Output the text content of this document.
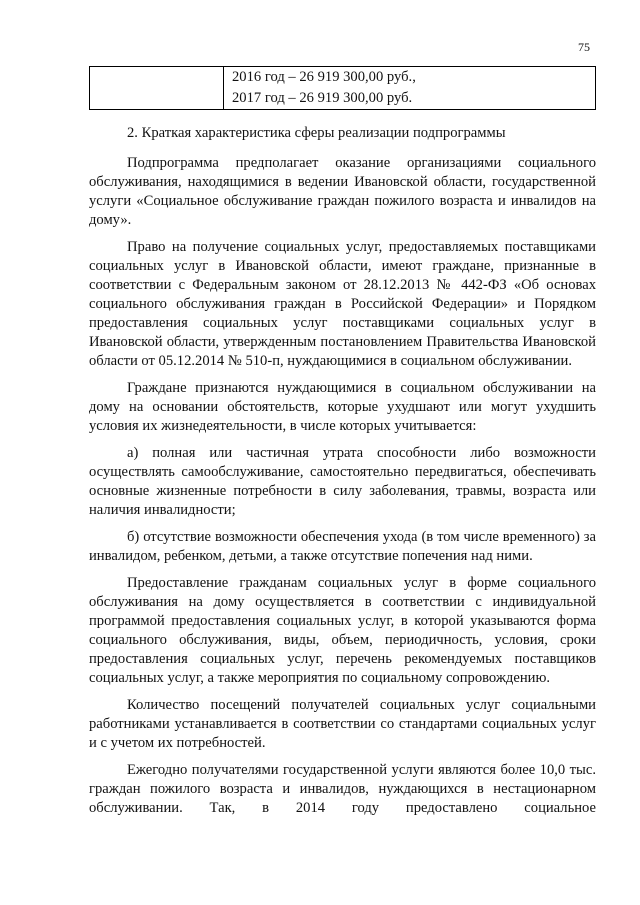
75

2016 год – 26 919 300,00 руб.,
2017 год – 26 919 300,00 руб.

2. Краткая характеристика сферы реализации подпрограммы

Подпрограмма предполагает оказание организациями социального обслуживания, находящимися в ведении Ивановской области, государственной услуги «Социальное обслуживание граждан пожилого возраста и инвалидов на дому».

Право на получение социальных услуг, предоставляемых поставщиками социальных услуг в Ивановской области, имеют граждане, признанные в соответствии с Федеральным законом от 28.12.2013 № 442-ФЗ «Об основах социального обслуживания граждан в Российской Федерации» и Порядком предоставления социальных услуг поставщиками социальных услуг в Ивановской области, утвержденным постановлением Правительства Ивановской области от 05.12.2014 № 510-п, нуждающимися в социальном обслуживании.

Граждане признаются нуждающимися в социальном обслуживании на дому на основании обстоятельств, которые ухудшают или могут ухудшить условия их жизнедеятельности, в числе которых учитывается:

а) полная или частичная утрата способности либо возможности осуществлять самообслуживание, самостоятельно передвигаться, обеспечивать основные жизненные потребности в силу заболевания, травмы, возраста или наличия инвалидности;

б) отсутствие возможности обеспечения ухода (в том числе временного) за инвалидом, ребенком, детьми, а также отсутствие попечения над ними.

Предоставление гражданам социальных услуг в форме социального обслуживания на дому осуществляется в соответствии с индивидуальной программой предоставления социальных услуг, в которой указываются форма социального обслуживания, виды, объем, периодичность, условия, сроки предоставления социальных услуг, перечень рекомендуемых поставщиков социальных услуг, а также мероприятия по социальному сопровождению.

Количество посещений получателей социальных услуг социальными работниками устанавливается в соответствии со стандартами социальных услуг и с учетом их потребностей.

Ежегодно получателями государственной услуги являются более 10,0 тыс. граждан пожилого возраста и инвалидов, нуждающихся в нестационарном обслуживании. Так, в 2014 году предоставлено социальное
